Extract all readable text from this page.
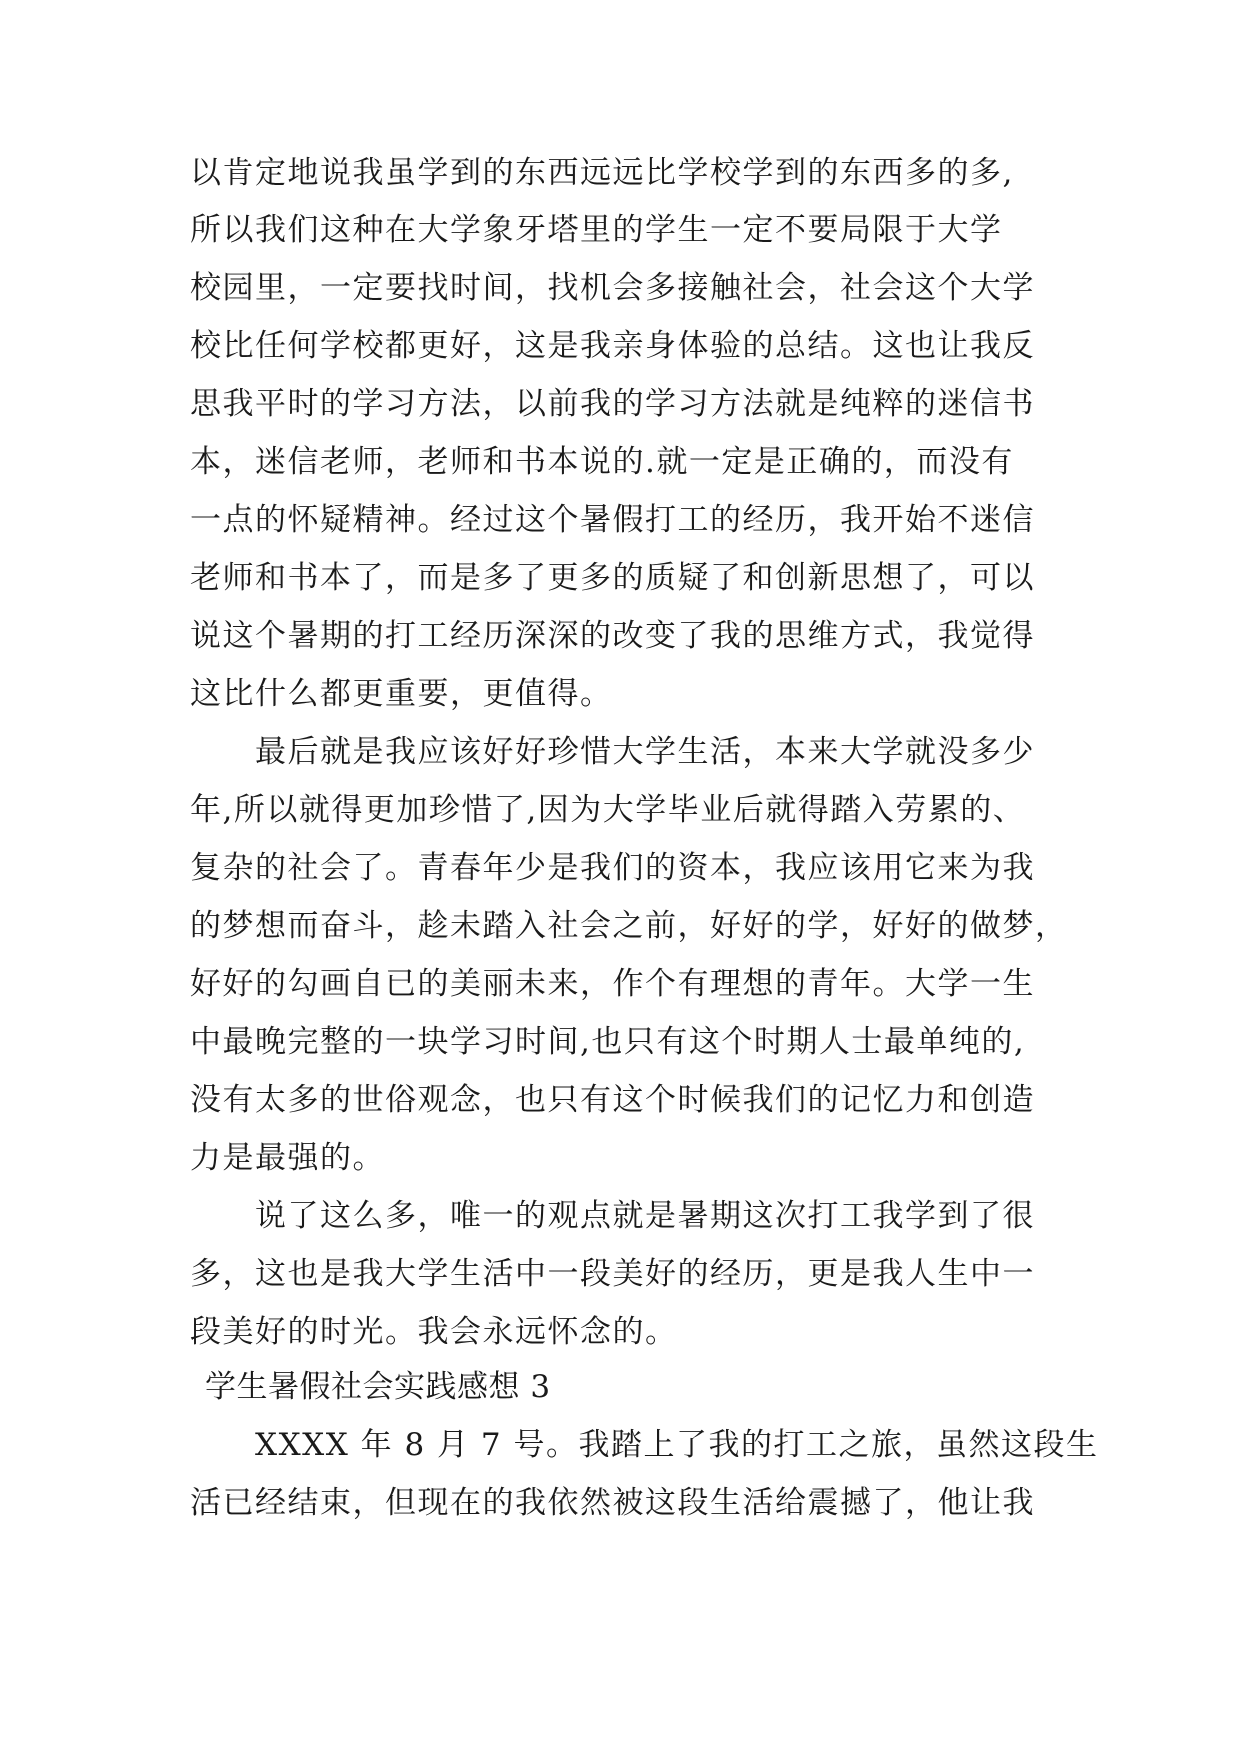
以肯定地说我虽学到的东西远远比学校学到的东西多的多,
所以我们这种在大学象牙塔里的学生一定不要局限于大学
校园里，一定要找时间，找机会多接触社会，社会这个大学
校比任何学校都更好，这是我亲身体验的总结。这也让我反
思我平时的学习方法，以前我的学习方法就是纯粹的迷信书
本，迷信老师，老师和书本说的.就一定是正确的，而没有
一点的怀疑精神。经过这个暑假打工的经历，我开始不迷信
老师和书本了，而是多了更多的质疑了和创新思想了，可以
说这个暑期的打工经历深深的改变了我的思维方式，我觉得
这比什么都更重要，更值得。
最后就是我应该好好珍惜大学生活，本来大学就没多少
年,所以就得更加珍惜了,因为大学毕业后就得踏入劳累的、
复杂的社会了。青春年少是我们的资本，我应该用它来为我
的梦想而奋斗，趁未踏入社会之前，好好的学，好好的做梦，
好好的勾画自已的美丽未来，作个有理想的青年。大学一生
中最晚完整的一块学习时间,也只有这个时期人士最单纯的,
没有太多的世俗观念，也只有这个时候我们的记忆力和创造
力是最强的。
说了这么多，唯一的观点就是暑期这次打工我学到了很
多，这也是我大学生活中一段美好的经历，更是我人生中一
段美好的时光。我会永远怀念的。
学生暑假社会实践感想 3
XXXX 年 8 月 7 号。我踏上了我的打工之旅，虽然这段生
活已经结束，但现在的我依然被这段生活给震撼了，他让我
